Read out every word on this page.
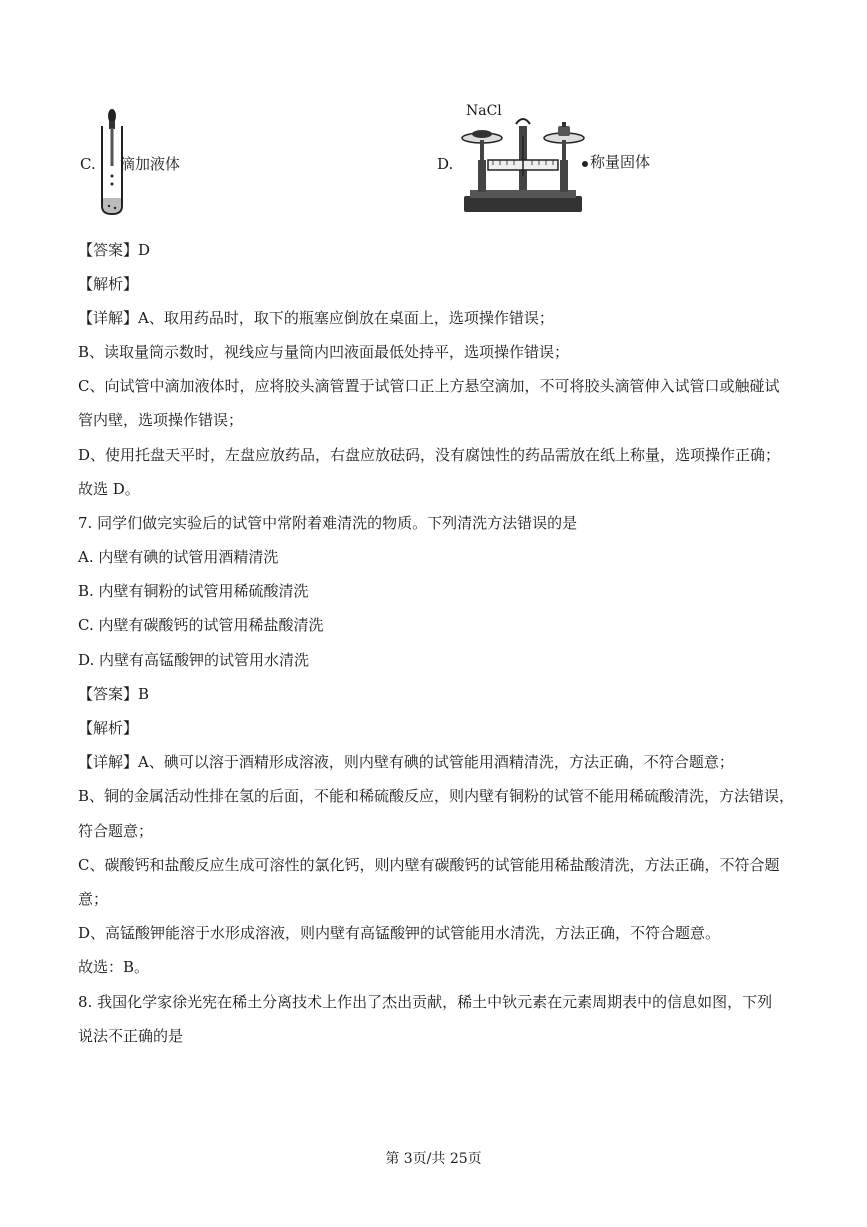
C. 滴加液体	D.
NaCl
称量固体
【答案】D
【解析】
【详解】A、取用药品时，取下的瓶塞应倒放在桌面上，选项操作错误；
B、读取量筒示数时，视线应与量筒内凹液面最低处持平，选项操作错误；
C、向试管中滴加液体时，应将胶头滴管置于试管口正上方悬空滴加，不可将胶头滴管伸入试管口或触碰试
管内壁，选项操作错误；
D、使用托盘天平时，左盘应放药品，右盘应放砝码，没有腐蚀性的药品需放在纸上称量，选项操作正确；
故选 D。
7. 同学们做完实验后的试管中常附着难清洗的物质。下列清洗方法错误的是
A. 内壁有碘的试管用酒精清洗
B. 内壁有铜粉的试管用稀硫酸清洗
C. 内壁有碳酸钙的试管用稀盐酸清洗
D. 内壁有高锰酸钾的试管用水清洗
【答案】B
【解析】
【详解】A、碘可以溶于酒精形成溶液，则内壁有碘的试管能用酒精清洗，方法正确，不符合题意；
B、铜的金属活动性排在氢的后面，不能和稀硫酸反应，则内壁有铜粉的试管不能用稀硫酸清洗，方法错误，
符合题意；
C、碳酸钙和盐酸反应生成可溶性的氯化钙，则内壁有碳酸钙的试管能用稀盐酸清洗，方法正确，不符合题
意；
D、高锰酸钾能溶于水形成溶液，则内壁有高锰酸钾的试管能用水清洗，方法正确，不符合题意。
故选：B。
8. 我国化学家徐光宪在稀土分离技术上作出了杰出贡献，稀土中钬元素在元素周期表中的信息如图，下列
说法不正确的是
第 3页/共 25页
